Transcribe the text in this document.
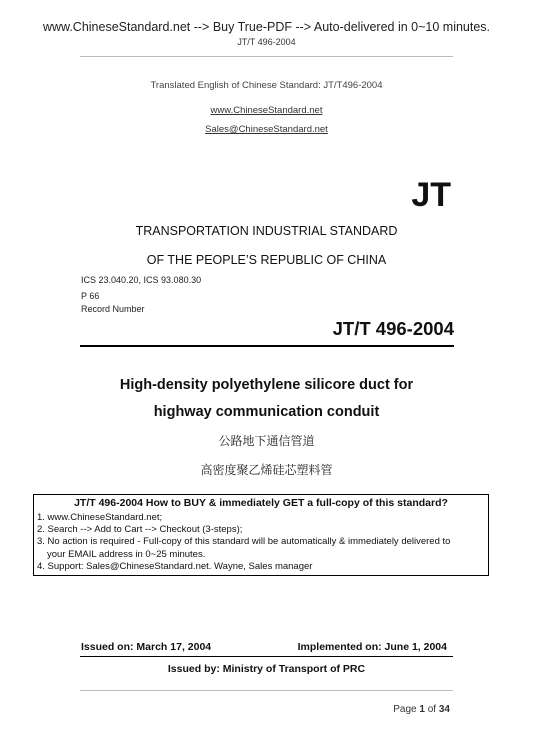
www.ChineseStandard.net --> Buy True-PDF --> Auto-delivered in 0~10 minutes.
JT/T 496-2004
Translated English of Chinese Standard: JT/T496-2004
www.ChineseStandard.net
Sales@ChineseStandard.net
JT
TRANSPORTATION INDUSTRIAL STANDARD
OF THE PEOPLE’S REPUBLIC OF CHINA
ICS 23.040.20, ICS 93.080.30
P 66
Record Number
JT/T 496-2004
High-density polyethylene silicore duct for
highway communication conduit
公路地下通信管道
高密度聚乙烯硅芯塑料管
JT/T 496-2004 How to BUY & immediately GET a full-copy of this standard?
1. www.ChineseStandard.net;
2. Search --> Add to Cart --> Checkout (3-steps);
3. No action is required - Full-copy of this standard will be automatically & immediately delivered to
your EMAIL address in 0~25 minutes.
4. Support: Sales@ChineseStandard.net. Wayne, Sales manager
Issued on: March 17, 2004	Implemented on: June 1, 2004
Issued by: Ministry of Transport of PRC
Page 1 of 34
